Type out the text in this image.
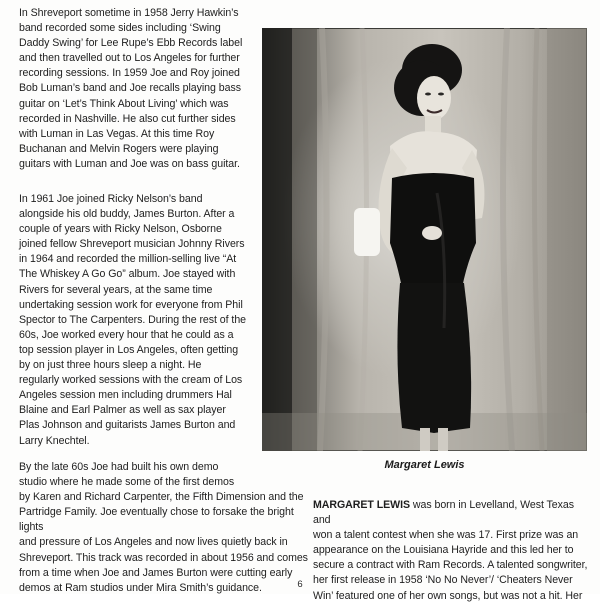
In Shreveport sometime in 1958 Jerry Hawkin’s
band recorded some sides including ‘Swing
Daddy Swing’ for Lee Rupe’s Ebb Records label
and then travelled out to Los Angeles for further
recording sessions. In 1959 Joe and Roy joined
Bob Luman’s band and Joe recalls playing bass
guitar on ‘Let’s Think About Living’ which was
recorded in Nashville. He also cut further sides
with Luman in Las Vegas. At this time Roy
Buchanan and Melvin Rogers were playing
guitars with Luman and Joe was on bass guitar.

In 1961 Joe joined Ricky Nelson’s band
alongside his old buddy, James Burton. After a
couple of years with Ricky Nelson, Osborne
joined fellow Shreveport musician Johnny Rivers
in 1964 and recorded the million-selling live “At
The Whiskey A Go Go” album. Joe stayed with
Rivers for several years, at the same time
undertaking session work for everyone from Phil
Spector to The Carpenters. During the rest of the
60s, Joe worked every hour that he could as a
top session player in Los Angeles, often getting
by on just three hours sleep a night. He
regularly worked sessions with the cream of Los
Angeles session men including drummers Hal
Blaine and Earl Palmer as well as sax player
Plas Johnson and guitarists James Burton and
Larry Knechtel.

Margaret Lewis

By the late 60s Joe had built his own demo
studio where he made some of the first demos
by Karen and Richard Carpenter, the Fifth Dimension and the
Partridge Family. Joe eventually chose to forsake the bright lights
and pressure of Los Angeles and now lives quietly back in
Shreveport. This track was recorded in about 1956 and comes
from a time when Joe and James Burton were cutting early
demos at Ram studios under Mira Smith’s guidance.

MARGARET LEWIS was born in Levelland, West Texas and
won a talent contest when she was 17. First prize was an
appearance on the Louisiana Hayride and this led her to
secure a contract with Ram Records. A talented songwriter,
her first release in 1958 ‘No No Never’/ ‘Cheaters Never
Win’ featured one of her own songs, but was not a hit. Her

6
